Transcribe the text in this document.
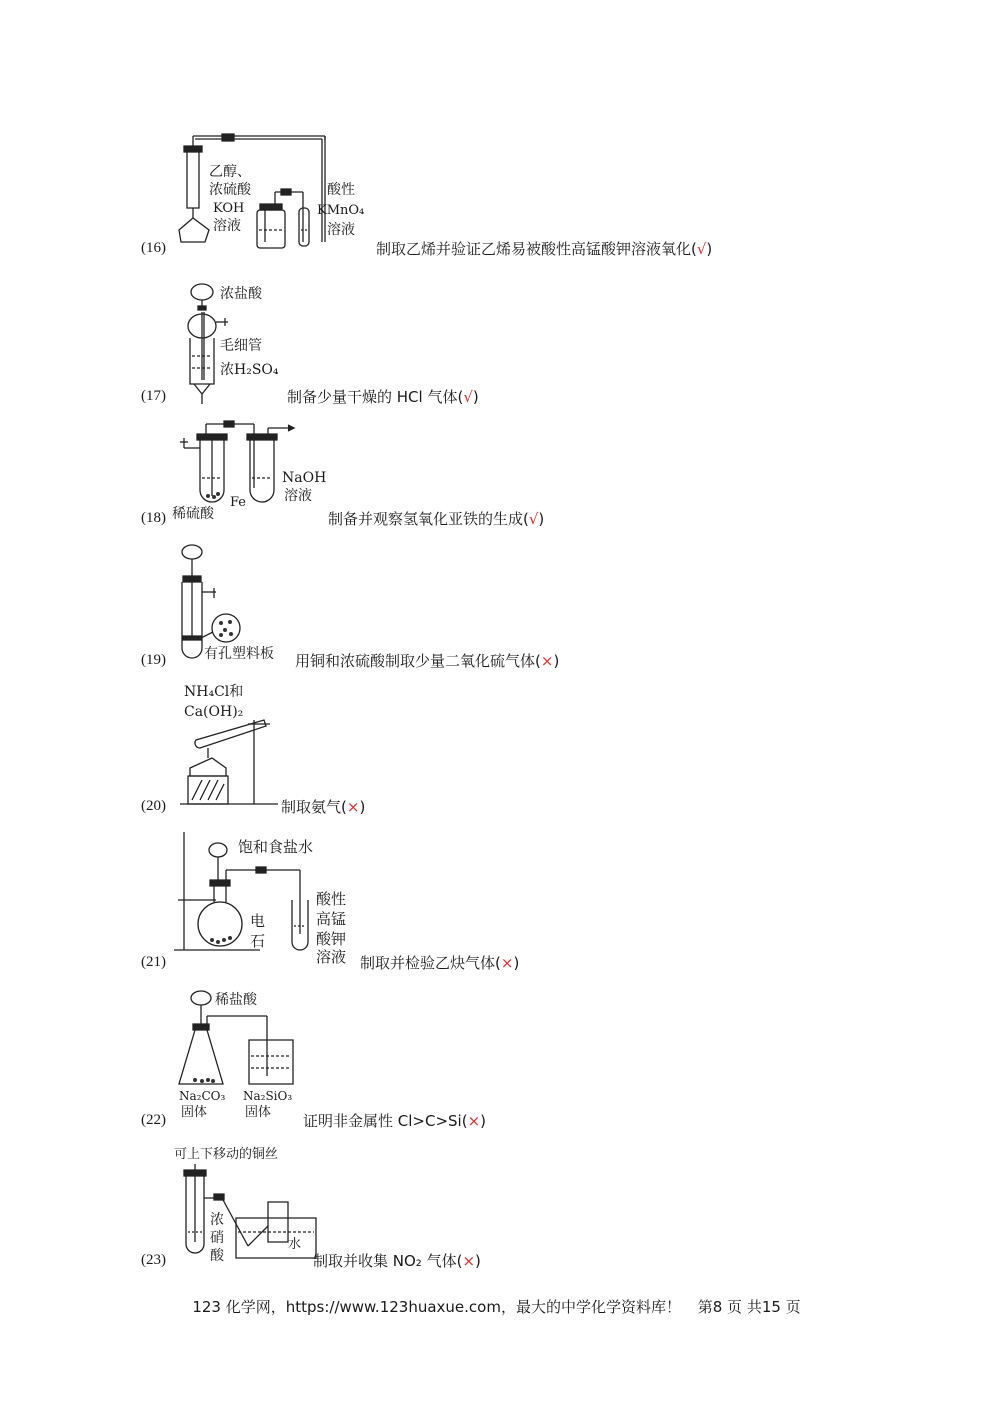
乙醇、
浓硫酸
KOH
溶液
酸性
KMnO₄
溶液
(16)	制取乙烯并验证乙烯易被酸性高锰酸钾溶液氧化(√)
浓盐酸
毛细管
浓H₂SO₄
(17)	制备少量干燥的 HCl 气体(√)
NaOH
溶液
Fe
稀硫酸
(18)	制备并观察氢氧化亚铁的生成(√)
有孔塑料板
(19)	用铜和浓硫酸制取少量二氧化硫气体(×)
NH₄Cl和
Ca(OH)₂
(20)	制取氨气(×)
饱和食盐水
电
石
酸性
高锰
酸钾
溶液
(21)	制取并检验乙炔气体(×)
稀盐酸
Na₂CO₃
固体
Na₂SiO₃
固体
(22)	证明非金属性 Cl>C>Si(×)
可上下移动的铜丝
浓
硝
酸
水
(23)	制取并收集 NO₂ 气体(×)
123 化学网，https://www.123huaxue.com，最大的中学化学资料库！ 第8 页 共15 页
